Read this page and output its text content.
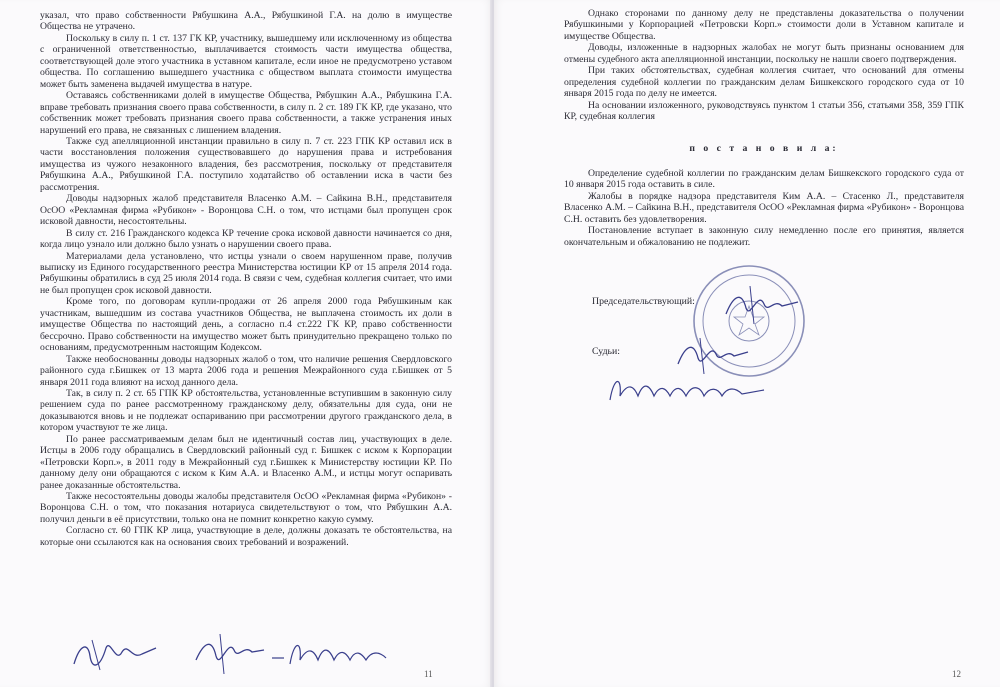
указал, что право собственности Рябушкина А.А., Рябушкиной Г.А. на долю в имуществе Общества не утрачено.

Поскольку в силу п. 1 ст. 137 ГК КР, участнику, вышедшему или исключенному из общества с ограниченной ответственностью, выплачивается стоимость части имущества общества, соответствующей доле этого участника в уставном капитале, если иное не предусмотрено уставом общества. По соглашению вышедшего участника с обществом выплата стоимости имущества может быть заменена выдачей имущества в натуре.

Оставаясь собственниками долей в имуществе Общества, Рябушкин А.А., Рябушкина Г.А. вправе требовать признания своего права собственности, в силу п. 2 ст. 189 ГК КР, где указано, что собственник может требовать признания своего права собственности, а также устранения иных нарушений его права, не связанных с лишением владения.

Также суд апелляционной инстанции правильно в силу п. 7 ст. 223 ГПК КР оставил иск в части восстановления положения существовавшего до нарушения права и истребования имущества из чужого незаконного владения, без рассмотрения, поскольку от представителя Рябушкина А.А., Рябушкиной Г.А. поступило ходатайство об оставлении иска в части без рассмотрения.

Доводы надзорных жалоб представителя Власенко А.М. – Сайкина В.Н., представителя ОсОО «Рекламная фирма «Рубикон» - Воронцова С.Н. о том, что истцами был пропущен срок исковой давности, несостоятельны.

В силу ст. 216 Гражданского кодекса КР течение срока исковой давности начинается со дня, когда лицо узнало или должно было узнать о нарушении своего права.

Материалами дела установлено, что истцы узнали о своем нарушенном праве, получив выписку из Единого государственного реестра Министерства юстиции КР от 15 апреля 2014 года. Рябушкины обратились в суд 25 июля 2014 года. В связи с чем, судебная коллегия считает, что ими не был пропущен срок исковой давности.

Кроме того, по договорам купли-продажи от 26 апреля 2000 года Рябушкиным как участникам, вышедшим из состава участников Общества, не выплачена стоимость их доли в имуществе Общества по настоящий день, а согласно п.4 ст.222 ГК КР, право собственности бессрочно. Право собственности на имущество может быть принудительно прекращено только по основаниям, предусмотренным настоящим Кодексом.

Также необоснованны доводы надзорных жалоб о том, что наличие решения Свердловского районного суда г.Бишкек от 13 марта 2006 года и решения Межрайонного суда г.Бишкек от 5 января 2011 года влияют на исход данного дела.

Так, в силу п. 2 ст. 65 ГПК КР обстоятельства, установленные вступившим в законную силу решением суда по ранее рассмотренному гражданскому делу, обязательны для суда, они не доказываются вновь и не подлежат оспариванию при рассмотрении другого гражданского дела, в котором участвуют те же лица.

По ранее рассматриваемым делам был не идентичный состав лиц, участвующих в деле. Истцы в 2006 году обращались в Свердловский районный суд г. Бишкек с иском к Корпорации «Петровски Корп.», в 2011 году в Межрайонный суд г.Бишкек к Министерству юстиции КР. По данному делу они обращаются с иском к Ким А.А. и Власенко А.М., и истцы могут оспаривать ранее доказанные обстоятельства.

Также несостоятельны доводы жалобы представителя ОсОО «Рекламная фирма «Рубикон» - Воронцова С.Н. о том, что показания нотариуса свидетельствуют о том, что Рябушкин А.А. получил деньги в её присутствии, только она не помнит конкретно какую сумму.

Согласно ст. 60 ГПК КР лица, участвующие в деле, должны доказать те обстоятельства, на которые они ссылаются как на основания своих требований и возражений.

11

Однако сторонами по данному делу не представлены доказательства о получении Рябушкиными у Корпорацией «Петровски Корп.» стоимости доли в Уставном капитале и имуществе Общества.

Доводы, изложенные в надзорных жалобах не могут быть признаны основанием для отмены судебного акта апелляционной инстанции, поскольку не нашли своего подтверждения.

При таких обстоятельствах, судебная коллегия считает, что оснований для отмены определения судебной коллегии по гражданским делам Бишкекского городского суда от 10 января 2015 года по делу не имеется.

На основании изложенного, руководствуясь пунктом 1 статьи 356, статьями 358, 359 ГПК КР, судебная коллегия

п о с т а н о в и л а:

Определение судебной коллегии по гражданским делам Бишкекского городского суда от 10 января 2015 года оставить в силе.

Жалобы в порядке надзора представителя Ким А.А. – Стасенко Л., представителя Власенко А.М. – Сайкина В.Н., представителя ОсОО «Рекламная фирма «Рубикон» - Воронцова С.Н. оставить без удовлетворения.

Постановление вступает в законную силу немедленно после его принятия, является окончательным и обжалованию не подлежит.

Председательствующий:
Судьи:
12
